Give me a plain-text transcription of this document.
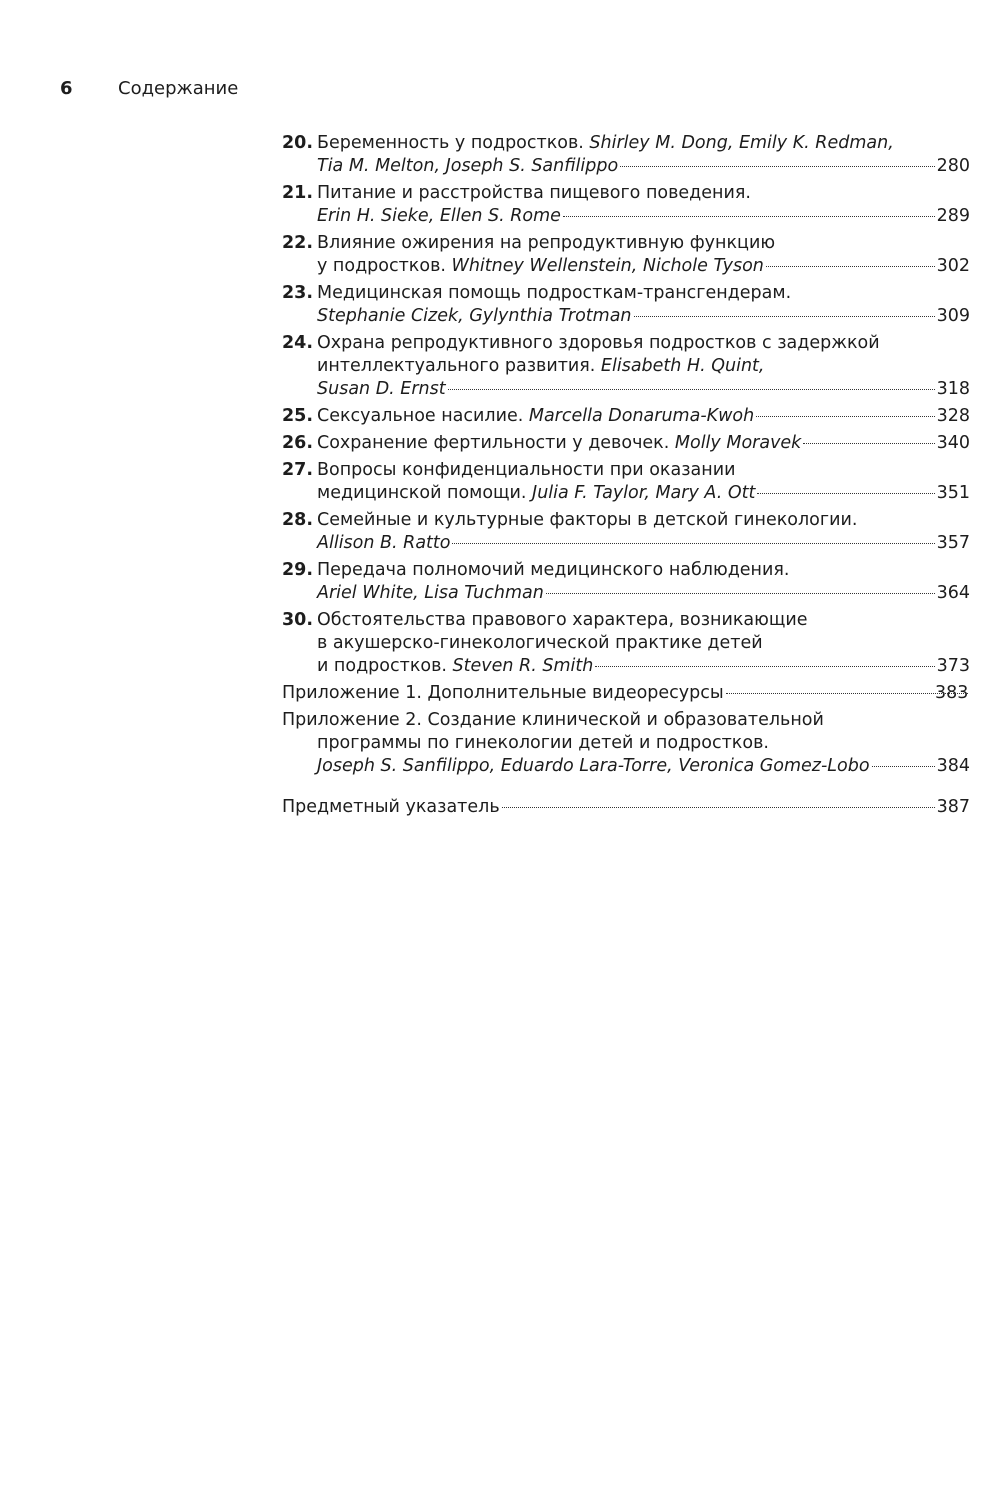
6	Содержание
20. Беременность у подростков. Shirley M. Dong, Emily K. Redman,
Tia M. Melton, Joseph S. Sanfilippo	280
21. Питание и расстройства пищевого поведения.
Erin H. Sieke, Ellen S. Rome	289
22. Влияние ожирения на репродуктивную функцию
у подростков. Whitney Wellenstein, Nichole Tyson	302
23. Медицинская помощь подросткам-трансгендерам.
Stephanie Cizek, Gylynthia Trotman	309
24. Охрана репродуктивного здоровья подростков с задержкой
интеллектуального развития. Elisabeth H. Quint,
Susan D. Ernst	318
25. Сексуальное насилие. Marcella Donaruma-Kwoh	328
26. Сохранение фертильности у девочек. Molly Moravek	340
27. Вопросы конфиденциальности при оказании
медицинской помощи. Julia F. Taylor, Mary A. Ott	351
28. Семейные и культурные факторы в детской гинекологии.
Allison B. Ratto	357
29. Передача полномочий медицинского наблюдения.
Ariel White, Lisa Tuchman	364
30. Обстоятельства правового характера, возникающие
в акушерско-гинекологической практике детей
и подростков. Steven R. Smith	373
Приложение 1. Дополнительные видеоресурсы	383
Приложение 2. Создание клинической и образовательной
программы по гинекологии детей и подростков.
Joseph S. Sanfilippo, Eduardo Lara-Torre, Veronica Gomez-Lobo	384
Предметный указатель	387
